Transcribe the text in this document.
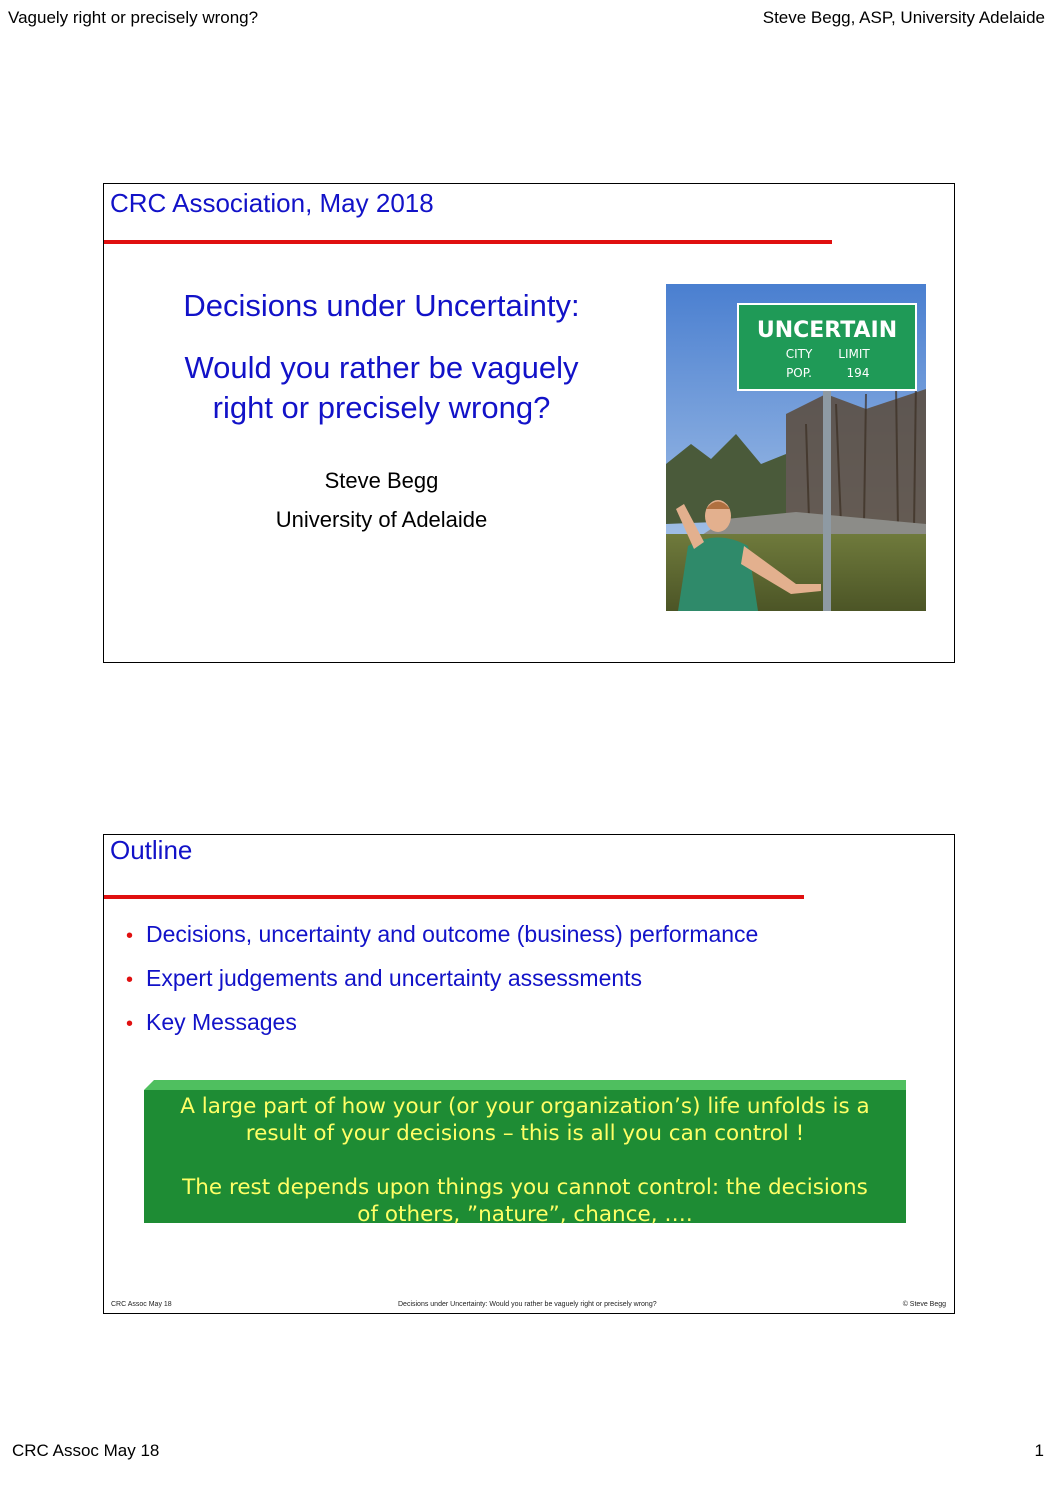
Vaguely right or precisely wrong?	Steve Begg, ASP, University Adelaide
CRC Association, May 2018
Decisions under Uncertainty:
Would you rather be vaguely
right or precisely wrong?
Steve Begg
University of Adelaide
UNCERTAIN
CITY LIMIT
POP.	194
Outline
• Decisions, uncertainty and outcome (business) performance
• Expert judgements and uncertainty assessments
• Key Messages
A large part of how your (or your organization’s) life unfolds is a
result of your decisions – this is all you can control !
The rest depends upon things you cannot control: the decisions
of others, ”nature”, chance, ….
CRC Assoc May 18	Decisions under Uncertainty: Would you rather be vaguely right or precisely wrong?	© Steve Begg
CRC Assoc May 18	1
